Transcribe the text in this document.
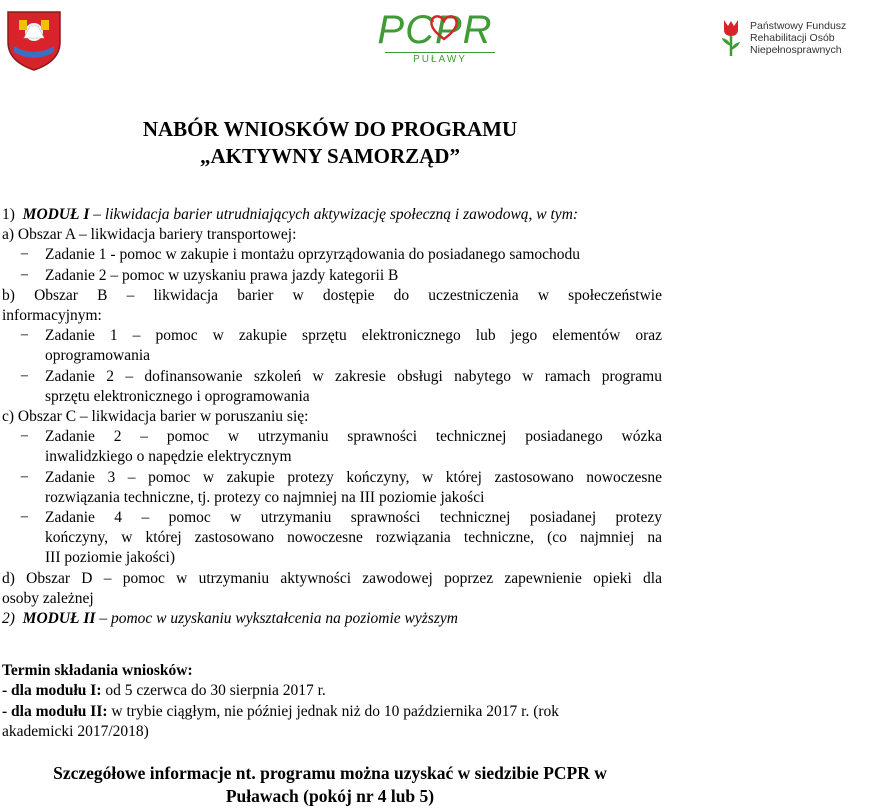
PCPR
PUŁAWY
Państwowy Fundusz
Rehabilitacji Osób
Niepełnosprawnych
NABÓR WNIOSKÓW DO PROGRAMU
„AKTYWNY SAMORZĄD”
1) MODUŁ I – likwidacja barier utrudniających aktywizację społeczną i zawodową, w tym:
a) Obszar A – likwidacja bariery transportowej:
− Zadanie 1 - pomoc w zakupie i montażu oprzyrządowania do posiadanego samochodu
− Zadanie 2 – pomoc w uzyskaniu prawa jazdy kategorii B
b) Obszar B – likwidacja barier w dostępie do uczestniczenia w społeczeństwie
informacyjnym:
− Zadanie 1 – pomoc w zakupie sprzętu elektronicznego lub jego elementów oraz
oprogramowania
− Zadanie 2 – dofinansowanie szkoleń w zakresie obsługi nabytego w ramach programu
sprzętu elektronicznego i oprogramowania
c) Obszar C – likwidacja barier w poruszaniu się:
− Zadanie 2 – pomoc w utrzymaniu sprawności technicznej posiadanego wózka
inwalidzkiego o napędzie elektrycznym
− Zadanie 3 – pomoc w zakupie protezy kończyny, w której zastosowano nowoczesne
rozwiązania techniczne, tj. protezy co najmniej na III poziomie jakości
− Zadanie 4 – pomoc w utrzymaniu sprawności technicznej posiadanej protezy
kończyny, w której zastosowano nowoczesne rozwiązania techniczne, (co najmniej na
III poziomie jakości)
d) Obszar D – pomoc w utrzymaniu aktywności zawodowej poprzez zapewnienie opieki dla
osoby zależnej
2) MODUŁ II – pomoc w uzyskaniu wykształcenia na poziomie wyższym
Termin składania wniosków:
- dla modułu I: od 5 czerwca do 30 sierpnia 2017 r.
- dla modułu II: w trybie ciągłym, nie później jednak niż do 10 października 2017 r. (rok
akademicki 2017/2018)
Szczegółowe informacje nt. programu można uzyskać w siedzibie PCPR w
Puławach (pokój nr 4 lub 5)
